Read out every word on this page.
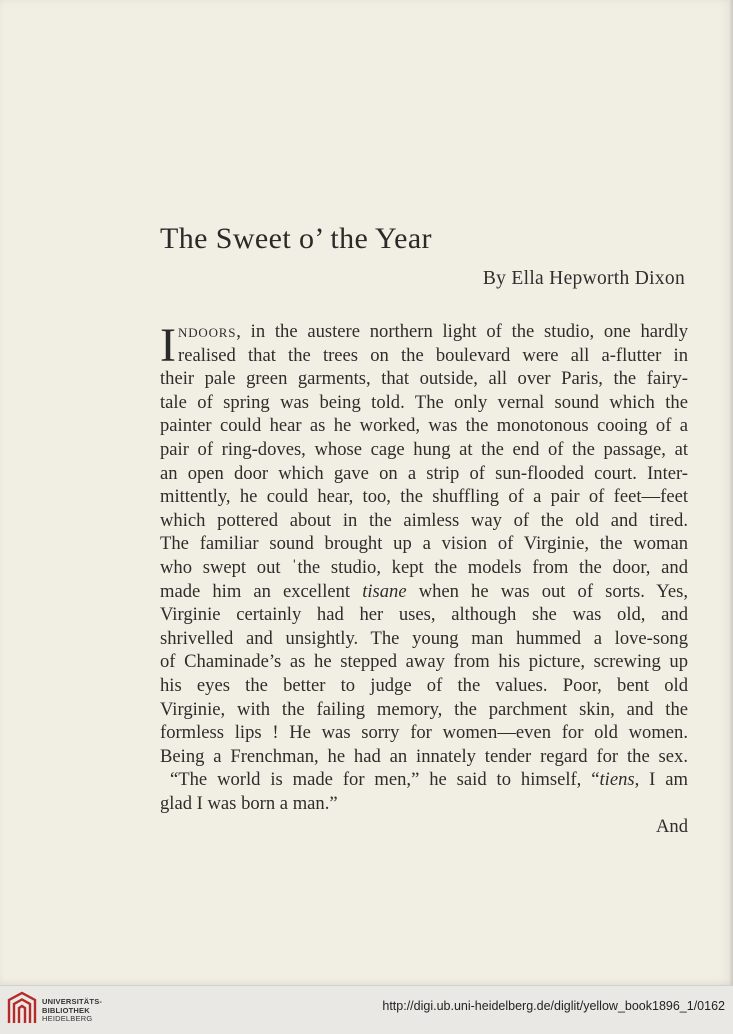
The Sweet o’ the Year
By Ella Hepworth Dixon
I ndoors, in the austere northern light of the studio, one hardly
realised that the trees on the boulevard were all a-flutter in
their pale green garments, that outside, all over Paris, the fairy-
tale of spring was being told. The only vernal sound which the
painter could hear as he worked, was the monotonous cooing of a
pair of ring-doves, whose cage hung at the end of the passage, at
an open door which gave on a strip of sun-flooded court. Inter-
mittently, he could hear, too, the shuffling of a pair of feet—feet
which pottered about in the aimless way of the old and tired.
The familiar sound brought up a vision of Virginie, the woman
who swept out ˈthe studio, kept the models from the door, and
made him an excellent tisane when he was out of sorts. Yes,
Virginie certainly had her uses, although she was old, and
shrivelled and unsightly. The young man hummed a love-song
of Chaminade’s as he stepped away from his picture, screwing up
his eyes the better to judge of the values. Poor, bent old
Virginie, with the failing memory, the parchment skin, and the
formless lips ! He was sorry for women—even for old women.
Being a Frenchman, he had an innately tender regard for the sex.
“The world is made for men,” he said to himself, “tiens, I am
glad I was born a man.”
And
UNIVERSITÄTS-
BIBLIOTHEK
HEIDELBERG
http://digi.ub.uni-heidelberg.de/diglit/yellow_book1896_1/0162
